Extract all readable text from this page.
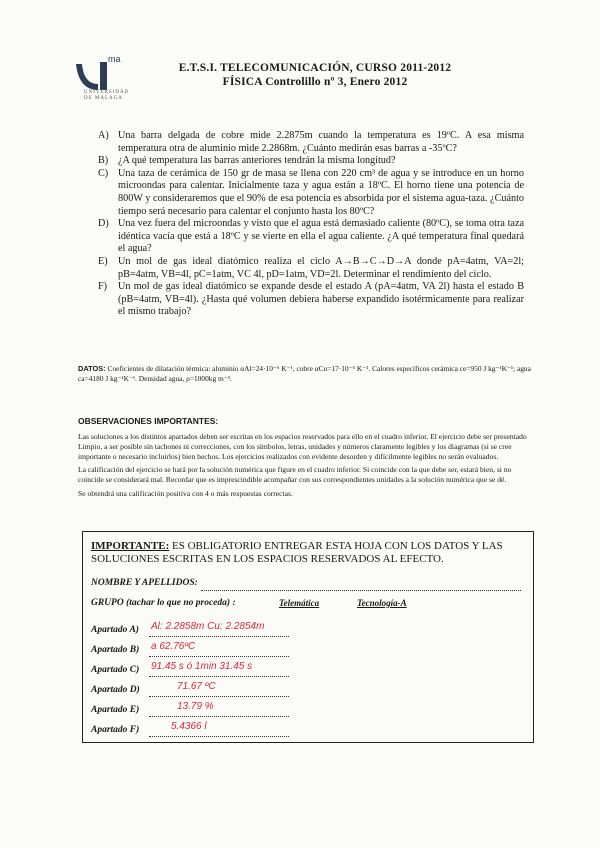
ma
UNIVERSIDAD DE MÁLAGA
E.T.S.I. TELECOMUNICACIÓN, CURSO 2011-2012
FÍSICA Controlillo nº 3, Enero 2012
A) Una barra delgada de cobre mide 2.2875m cuando la temperatura es 19ºC. A esa misma temperatura otra de aluminio mide 2.2868m. ¿Cuánto medirán esas barras a -35ºC?
B) ¿A qué temperatura las barras anteriores tendrán la misma longitud?
C) Una taza de cerámica de 150 gr de masa se llena con 220 cm³ de agua y se introduce en un horno microondas para calentar. Inicialmente taza y agua están a 18ºC. El horno tiene una potencia de 800W y consideraremos que el 90% de esa potencia es absorbida por el sistema agua-taza. ¿Cuánto tiempo será necesario para calentar el conjunto hasta los 80ºC?
D) Una vez fuera del microondas y visto que el agua está demasiado caliente (80ºC), se toma otra taza idéntica vacía que está a 18ºC y se vierte en ella el agua caliente. ¿A qué temperatura final quedará el agua?
E)	Un mol de gas ideal diatómico realiza el ciclo A→B→C→D→A donde pA=4atm, VA=2l; pB=4atm, VB=4l, pC=1atm, VC 4l, pD=1atm, VD=2l. Determinar el rendimiento del ciclo.
F)	Un mol de gas ideal diatómico se expande desde el estado A (pA=4atm, VA 2l) hasta el estado B (pB=4atm, VB=4l). ¿Hasta qué volumen debiera haberse expandido isotérmicamente para realizar el mismo trabajo?
DATOS: Coeficientes de dilatación térmica: aluminio αAl=24·10⁻⁶ K⁻¹, cobre αCu=17·10⁻⁶ K⁻¹. Calores específicos cerámica ce=950 J kg⁻¹K⁻¹; agua ca=4180 J kg⁻¹K⁻¹. Densidad agua, ρ=1000kg m⁻³.
OBSERVACIONES IMPORTANTES:

Las soluciones a los distintos apartados deben ser escritas en los espacios reservados para ello en el cuadro inferior. El ejercicio debe ser presentado Limpio, a ser posible sin tachones ni correcciones, con los símbolos, letras, unidades y números claramente legibles y los diagramas (si se cree importante o necesario incluirlos) bien hechos. Los ejercicios realizados con evidente desorden y difícilmente legibles no serán evaluados.

La calificación del ejercicio se hará por la solución numérica que figure en el cuadro inferior. Si coincide con la que debe ser, estará bien, si no coincide se considerará mal. Recordar que es imprescindible acompañar con sus correspondientes unidades a la solución numérica que se dé.

Se obtendrá una calificación positiva con 4 o más respuestas correctas.

IMPORTANTE: ES OBLIGATORIO ENTREGAR ESTA HOJA CON LOS DATOS Y LAS SOLUCIONES ESCRITAS EN LOS ESPACIOS RESERVADOS AL EFECTO.
NOMBRE Y APELLIDOS:
GRUPO (tachar lo que no proceda) :	Telemática	Tecnología-A
Apartado A) Al: 2.2858m Cu: 2.2854m
Apartado B) a 62.76ºC
Apartado C) 91.45 s ó 1min 31.45 s
Apartado D)	71.67 ºC
Apartado E)	13.79 %
Apartado F)	5.4366 l
